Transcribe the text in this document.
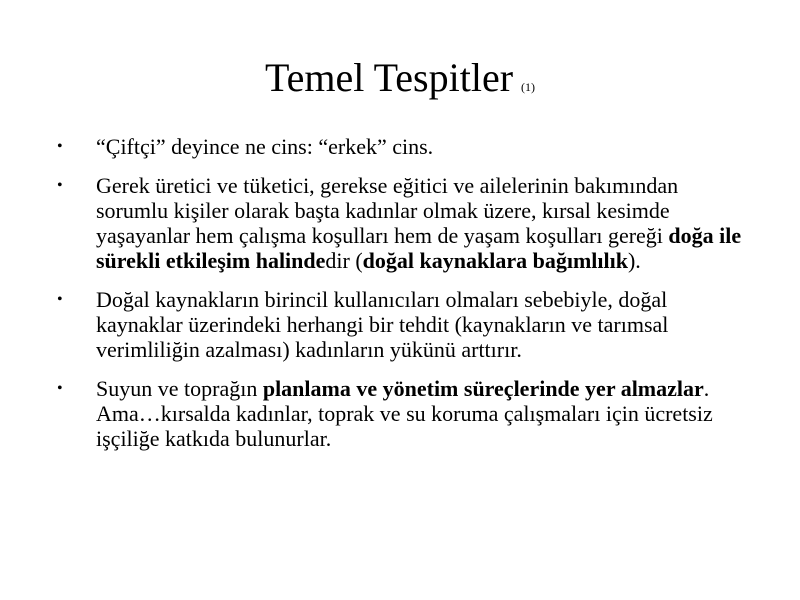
Temel Tespitler (1)
• “Çiftçi” deyince ne cins: “erkek” cins.
• Gerek üretici ve tüketici, gerekse eğitici ve ailelerinin bakımından sorumlu kişiler olarak başta kadınlar olmak üzere, kırsal kesimde yaşayanlar hem çalışma koşulları hem de yaşam koşulları gereği doğa ile sürekli etkileşim halindedir (doğal kaynaklara bağımlılık).
• Doğal kaynakların birincil kullanıcıları olmaları sebebiyle, doğal kaynaklar üzerindeki herhangi bir tehdit (kaynakların ve tarımsal verimliliğin azalması) kadınların yükünü arttırır.
• Suyun ve toprağın planlama ve yönetim süreçlerinde yer almazlar. Ama…kırsalda kadınlar, toprak ve su koruma çalışmaları için ücretsiz işçiliğe katkıda bulunurlar.
